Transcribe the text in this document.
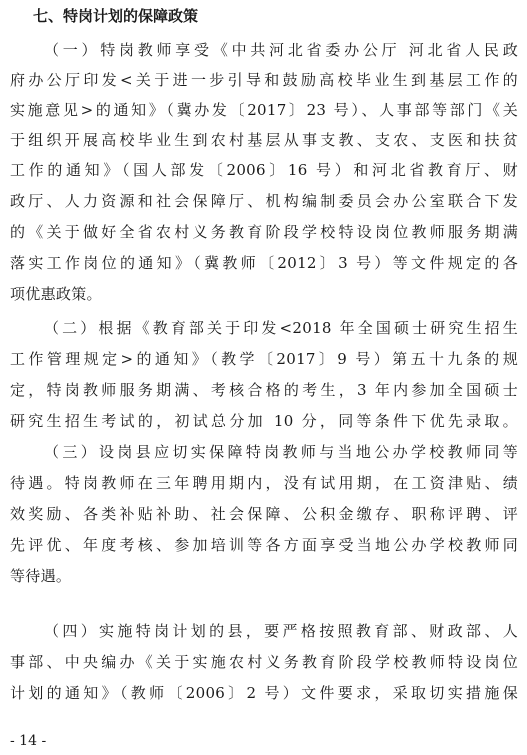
七、特岗计划的保障政策
（一）特岗教师享受《中共河北省委办公厅 河北省人民政
府办公厅印发<关于进一步引导和鼓励高校毕业生到基层工作的
实施意见>的通知》（冀办发〔2017〕23 号）、人事部等部门《关
于组织开展高校毕业生到农村基层从事支教、支农、支医和扶贫
工作的通知》（国人部发〔2006〕16 号）和河北省教育厅、财
政厅、人力资源和社会保障厅、机构编制委员会办公室联合下发
的《关于做好全省农村义务教育阶段学校特设岗位教师服务期满
落实工作岗位的通知》（冀教师〔2012〕3 号）等文件规定的各
项优惠政策。
（二）根据《教育部关于印发<2018 年全国硕士研究生招生
工作管理规定>的通知》（教学〔2017〕9 号）第五十九条的规
定，特岗教师服务期满、考核合格的考生，3 年内参加全国硕士
研究生招生考试的，初试总分加 10 分，同等条件下优先录取。
（三）设岗县应切实保障特岗教师与当地公办学校教师同等
待遇。特岗教师在三年聘用期内，没有试用期，在工资津贴、绩
效奖励、各类补贴补助、社会保障、公积金缴存、职称评聘、评
先评优、年度考核、参加培训等各方面享受当地公办学校教师同
等待遇。
（四）实施特岗计划的县，要严格按照教育部、财政部、人
事部、中央编办《关于实施农村义务教育阶段学校教师特设岗位
计划的通知》（教师〔2006〕2 号）文件要求，采取切实措施保
- 14 -
